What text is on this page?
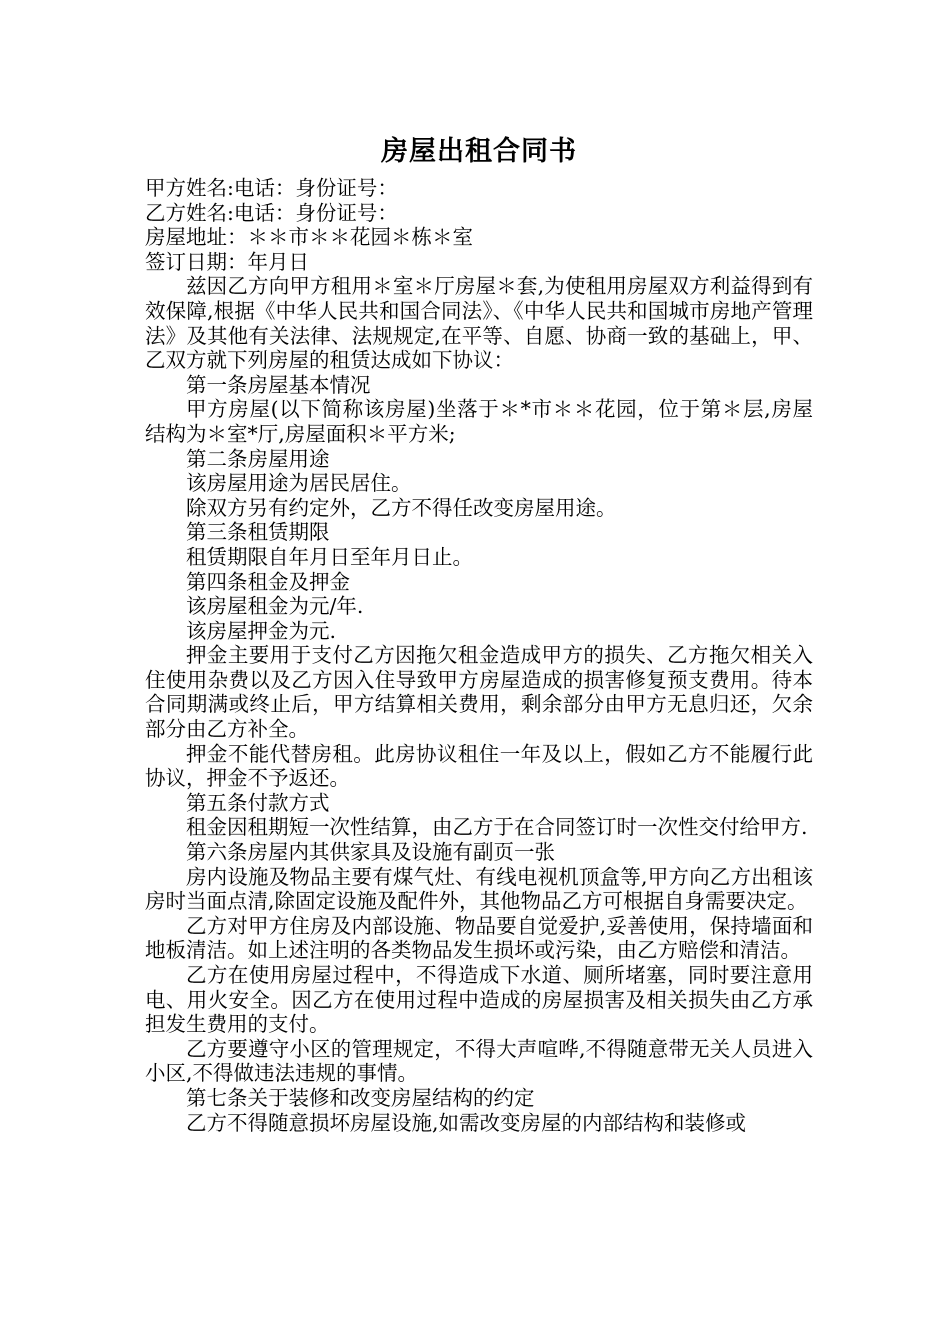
房屋出租合同书
甲方姓名:电话：身份证号：
乙方姓名:电话：身份证号：
房屋地址：＊＊市＊＊花园＊栋＊室
签订日期：年月日

兹因乙方向甲方租用＊室＊厅房屋＊套,为使租用房屋双方利益得到有效保障,根据《中华人民共和国合同法》、《中华人民共和国城市房地产管理法》及其他有关法律、法规规定,在平等、自愿、协商一致的基础上，甲、乙双方就下列房屋的租赁达成如下协议：

第一条房屋基本情况

甲方房屋(以下简称该房屋)坐落于＊*市＊＊花园，位于第＊层,房屋结构为＊室*厅,房屋面积＊平方米;

第二条房屋用途

该房屋用途为居民居住。

除双方另有约定外，乙方不得任改变房屋用途。

第三条租赁期限

租赁期限自年月日至年月日止。

第四条租金及押金

该房屋租金为元/年.

该房屋押金为元.

押金主要用于支付乙方因拖欠租金造成甲方的损失、乙方拖欠相关入住使用杂费以及乙方因入住导致甲方房屋造成的损害修复预支费用。待本合同期满或终止后，甲方结算相关费用，剩余部分由甲方无息归还，欠余部分由乙方补全。

押金不能代替房租。此房协议租住一年及以上，假如乙方不能履行此协议，押金不予返还。

第五条付款方式

租金因租期短一次性结算，由乙方于在合同签订时一次性交付给甲方.

第六条房屋内其供家具及设施有副页一张

房内设施及物品主要有煤气灶、有线电视机顶盒等,甲方向乙方出租该房时当面点清,除固定设施及配件外，其他物品乙方可根据自身需要决定。

乙方对甲方住房及内部设施、物品要自觉爱护,妥善使用，保持墙面和地板清洁。如上述注明的各类物品发生损坏或污染，由乙方赔偿和清洁。

乙方在使用房屋过程中，不得造成下水道、厕所堵塞，同时要注意用电、用火安全。因乙方在使用过程中造成的房屋损害及相关损失由乙方承担发生费用的支付。

乙方要遵守小区的管理规定，不得大声喧哗,不得随意带无关人员进入小区,不得做违法违规的事情。

第七条关于装修和改变房屋结构的约定

乙方不得随意损坏房屋设施,如需改变房屋的内部结构和装修或
